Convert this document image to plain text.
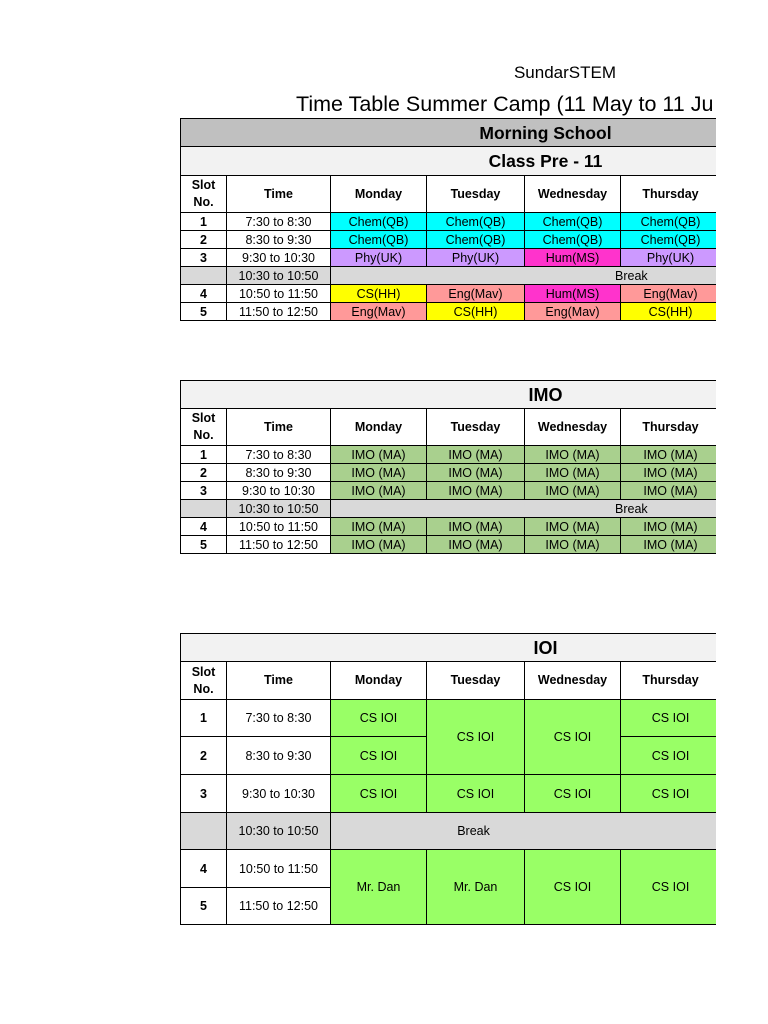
SundarSTEM
Time Table Summer Camp (11 May to 11 Ju
Morning School					
Class Pre - 11					
Slot
No.	Time	Monday	Tuesday	Wednesday	Thursday
1	7:30 to 8:30	Chem(QB)	Chem(QB)	Chem(QB)	Chem(QB)
2	8:30 to 9:30	Chem(QB)	Chem(QB)	Chem(QB)	Chem(QB)
3	9:30 to 10:30	Phy(UK)	Phy(UK)	Hum(MS)	Phy(UK)
	10:30 to 10:50	Break			
4	10:50 to 11:50	CS(HH)	Eng(Mav)	Hum(MS)	Eng(Mav)
5	11:50 to 12:50	Eng(Mav)	CS(HH)	Eng(Mav)	CS(HH)
IMO					
Slot
No.	Time	Monday	Tuesday	Wednesday	Thursday
1	7:30 to 8:30	IMO (MA)	IMO (MA)	IMO (MA)	IMO (MA)
2	8:30 to 9:30	IMO (MA)	IMO (MA)	IMO (MA)	IMO (MA)
3	9:30 to 10:30	IMO (MA)	IMO (MA)	IMO (MA)	IMO (MA)
	10:30 to 10:50	Break			
4	10:50 to 11:50	IMO (MA)	IMO (MA)	IMO (MA)	IMO (MA)
5	11:50 to 12:50	IMO (MA)	IMO (MA)	IMO (MA)	IMO (MA)
IOI					
Slot
No.	Time	Monday	Tuesday	Wednesday	Thursday
1	7:30 to 8:30	CS IOI	CS IOI	CS IOI	CS IOI
2	8:30 to 9:30	CS IOI			CS IOI
3	9:30 to 10:30	CS IOI	CS IOI	CS IOI	CS IOI
	10:30 to 10:50	Break			
4	10:50 to 11:50	Mr. Dan	Mr. Dan	CS IOI	CS IOI
5	11:50 to 12:50				
